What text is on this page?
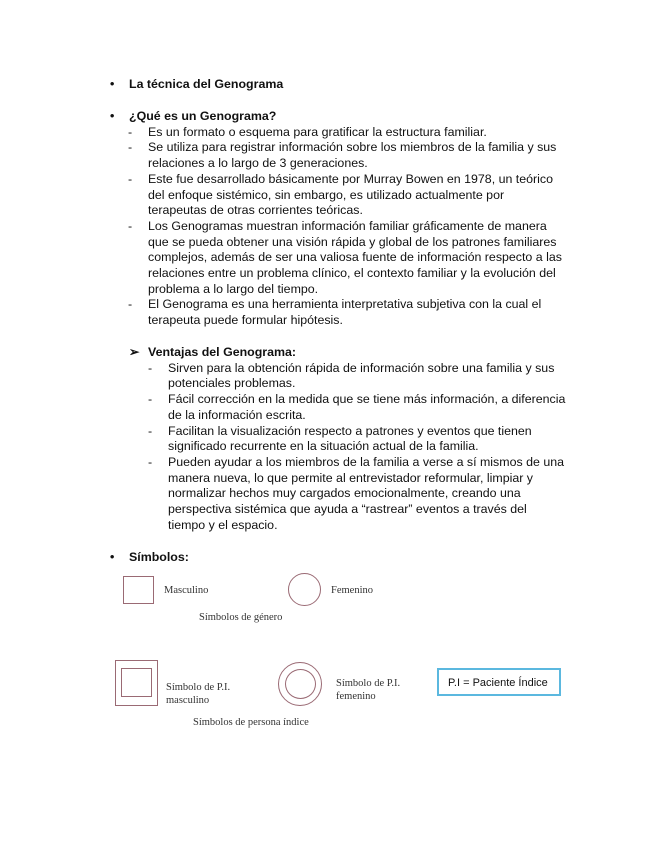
• La técnica del Genograma
• ¿Qué es un Genograma?
- Es un formato o esquema para gratificar la estructura familiar.
- Se utiliza para registrar información sobre los miembros de la familia y sus relaciones a lo largo de 3 generaciones.
- Este fue desarrollado básicamente por Murray Bowen en 1978, un teórico del enfoque sistémico, sin embargo, es utilizado actualmente por terapeutas de otras corrientes teóricas.
- Los Genogramas muestran información familiar gráficamente de manera que se pueda obtener una visión rápida y global de los patrones familiares complejos, además de ser una valiosa fuente de información respecto a las relaciones entre un problema clínico, el contexto familiar y la evolución del problema a lo largo del tiempo.
- El Genograma es una herramienta interpretativa subjetiva con la cual el terapeuta puede formular hipótesis.
➢ Ventajas del Genograma:
- Sirven para la obtención rápida de información sobre una familia y sus potenciales problemas.
- Fácil corrección en la medida que se tiene más información, a diferencia de la información escrita.
- Facilitan la visualización respecto a patrones y eventos que tienen significado recurrente en la situación actual de la familia.
- Pueden ayudar a los miembros de la familia a verse a sí mismos de una manera nueva, lo que permite al entrevistador reformular, limpiar y normalizar hechos muy cargados emocionalmente, creando una perspectiva sistémica que ayuda a “rastrear” eventos a través del tiempo y el espacio.
• Símbolos:
Masculino	Femenino
Símbolos de género
Símbolo de P.I.
masculino
Símbolo de P.I.
femenino
Símbolos de persona índice
P.I = Paciente Índice
